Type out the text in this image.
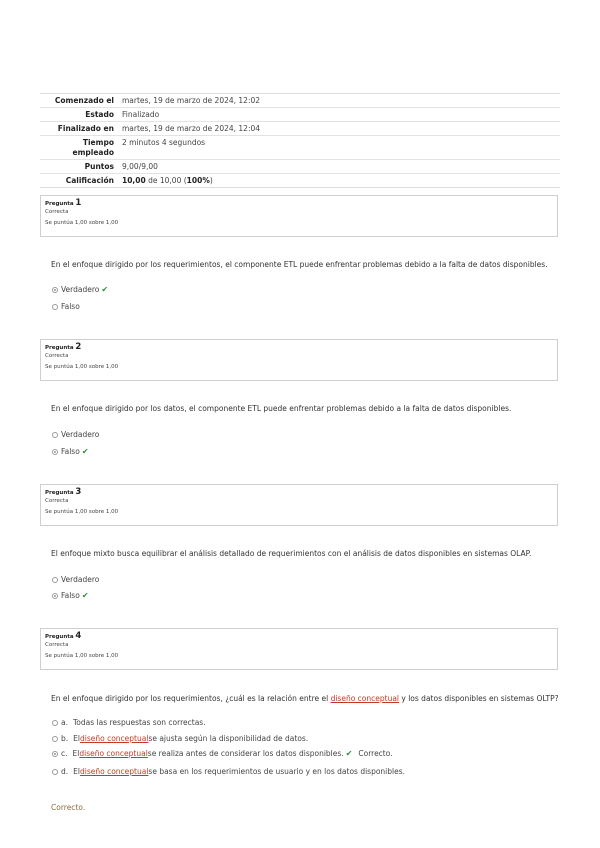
Comenzado el	martes, 19 de marzo de 2024, 12:02
Estado	Finalizado
Finalizado en	martes, 19 de marzo de 2024, 12:04
Tiempo empleado	2 minutos 4 segundos
Puntos	9,00/9,00
Calificación	10,00 de 10,00 (100%)
Pregunta 1
Correcta
Se puntúa 1,00 sobre 1,00
En el enfoque dirigido por los requerimientos, el componente ETL puede enfrentar problemas debido a la falta de datos disponibles.
Verdadero ✔
Falso
Pregunta 2
Correcta
Se puntúa 1,00 sobre 1,00
En el enfoque dirigido por los datos, el componente ETL puede enfrentar problemas debido a la falta de datos disponibles.
Verdadero
Falso ✔
Pregunta 3
Correcta
Se puntúa 1,00 sobre 1,00
El enfoque mixto busca equilibrar el análisis detallado de requerimientos con el análisis de datos disponibles en sistemas OLAP.
Verdadero
Falso ✔
Pregunta 4
Correcta
Se puntúa 1,00 sobre 1,00
En el enfoque dirigido por los requerimientos, ¿cuál es la relación entre el diseño conceptual y los datos disponibles en sistemas OLTP?
a. Todas las respuestas son correctas.
b. El diseño conceptual se ajusta según la disponibilidad de datos.
c. El diseño conceptual se realiza antes de considerar los datos disponibles. ✔ Correcto.
d. El diseño conceptual se basa en los requerimientos de usuario y en los datos disponibles.
Correcto.
